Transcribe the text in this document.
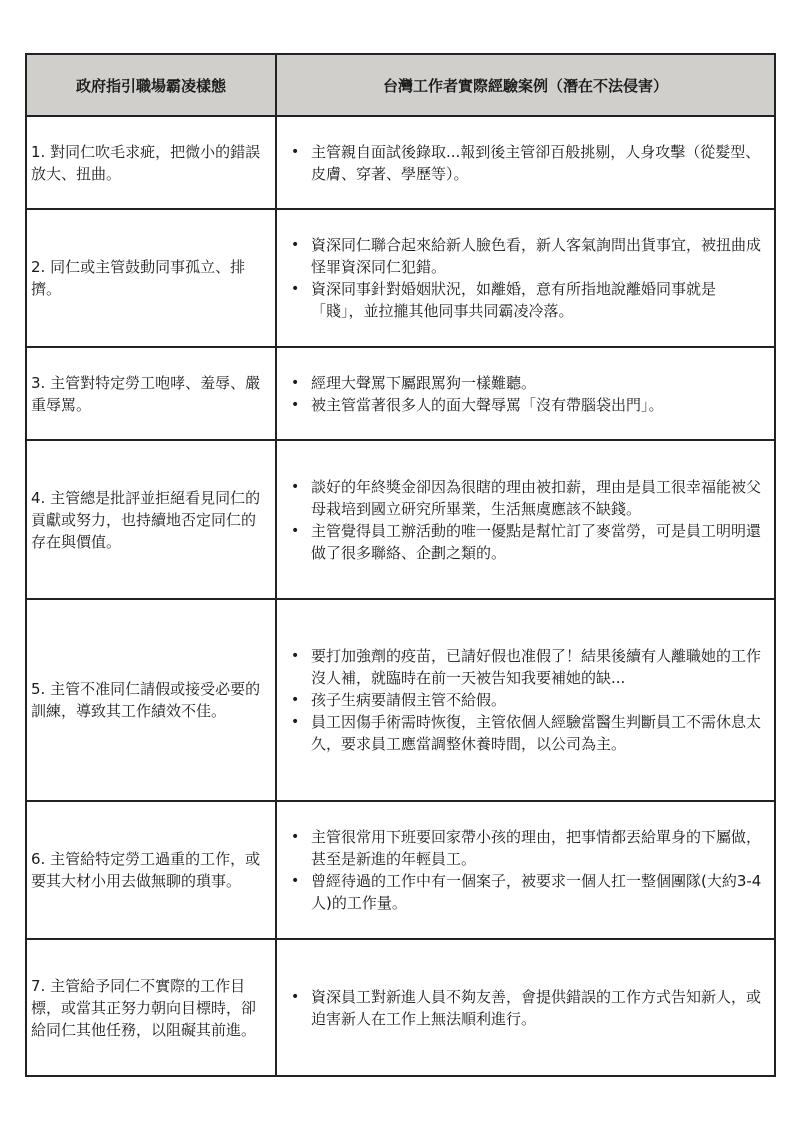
政府指引職場霸凌樣態	台灣工作者實際經驗案例（潛在不法侵害）
1. 對同仁吹毛求疵，把微小的錯誤放大、扭曲。	
• 主管親自面試後錄取...報到後主管卻百般挑剔，人身攻擊（從髮型、皮膚、穿著、學歷等）。

2. 同仁或主管鼓動同事孤立、排擠。	
• 資深同仁聯合起來給新人臉色看，新人客氣詢問出貨事宜，被扭曲成怪罪資深同仁犯錯。
• 資深同事針對婚姻狀況，如離婚，意有所指地說離婚同事就是「賤」，並拉攏其他同事共同霸凌冷落。

3. 主管對特定勞工咆哮、羞辱、嚴重辱罵。	
• 經理大聲罵下屬跟罵狗一樣難聽。
• 被主管當著很多人的面大聲辱罵「沒有帶腦袋出門」。

4. 主管總是批評並拒絕看見同仁的貢獻或努力，也持續地否定同仁的存在與價值。	
• 談好的年終獎金卻因為很瞎的理由被扣薪，理由是員工很幸福能被父母栽培到國立研究所畢業，生活無虞應該不缺錢。
• 主管覺得員工辦活動的唯一優點是幫忙訂了麥當勞，可是員工明明還做了很多聯絡、企劃之類的。

5. 主管不准同仁請假或接受必要的訓練，導致其工作績效不佳。	
• 要打加強劑的疫苗，已請好假也准假了！結果後續有人離職她的工作沒人補，就臨時在前一天被告知我要補她的缺...
• 孩子生病要請假主管不給假。
• 員工因傷手術需時恢復，主管依個人經驗當醫生判斷員工不需休息太久，要求員工應當調整休養時間，以公司為主。

6. 主管給特定勞工過重的工作，或要其大材小用去做無聊的瑣事。	
• 主管很常用下班要回家帶小孩的理由，把事情都丟給單身的下屬做，甚至是新進的年輕員工。
• 曾經待過的工作中有一個案子，被要求一個人扛一整個團隊(大約3-4人)的工作量。

7. 主管給予同仁不實際的工作目標，或當其正努力朝向目標時，卻給同仁其他任務，以阻礙其前進。	
• 資深員工對新進人員不夠友善，會提供錯誤的工作方式告知新人，或迫害新人在工作上無法順利進行。
